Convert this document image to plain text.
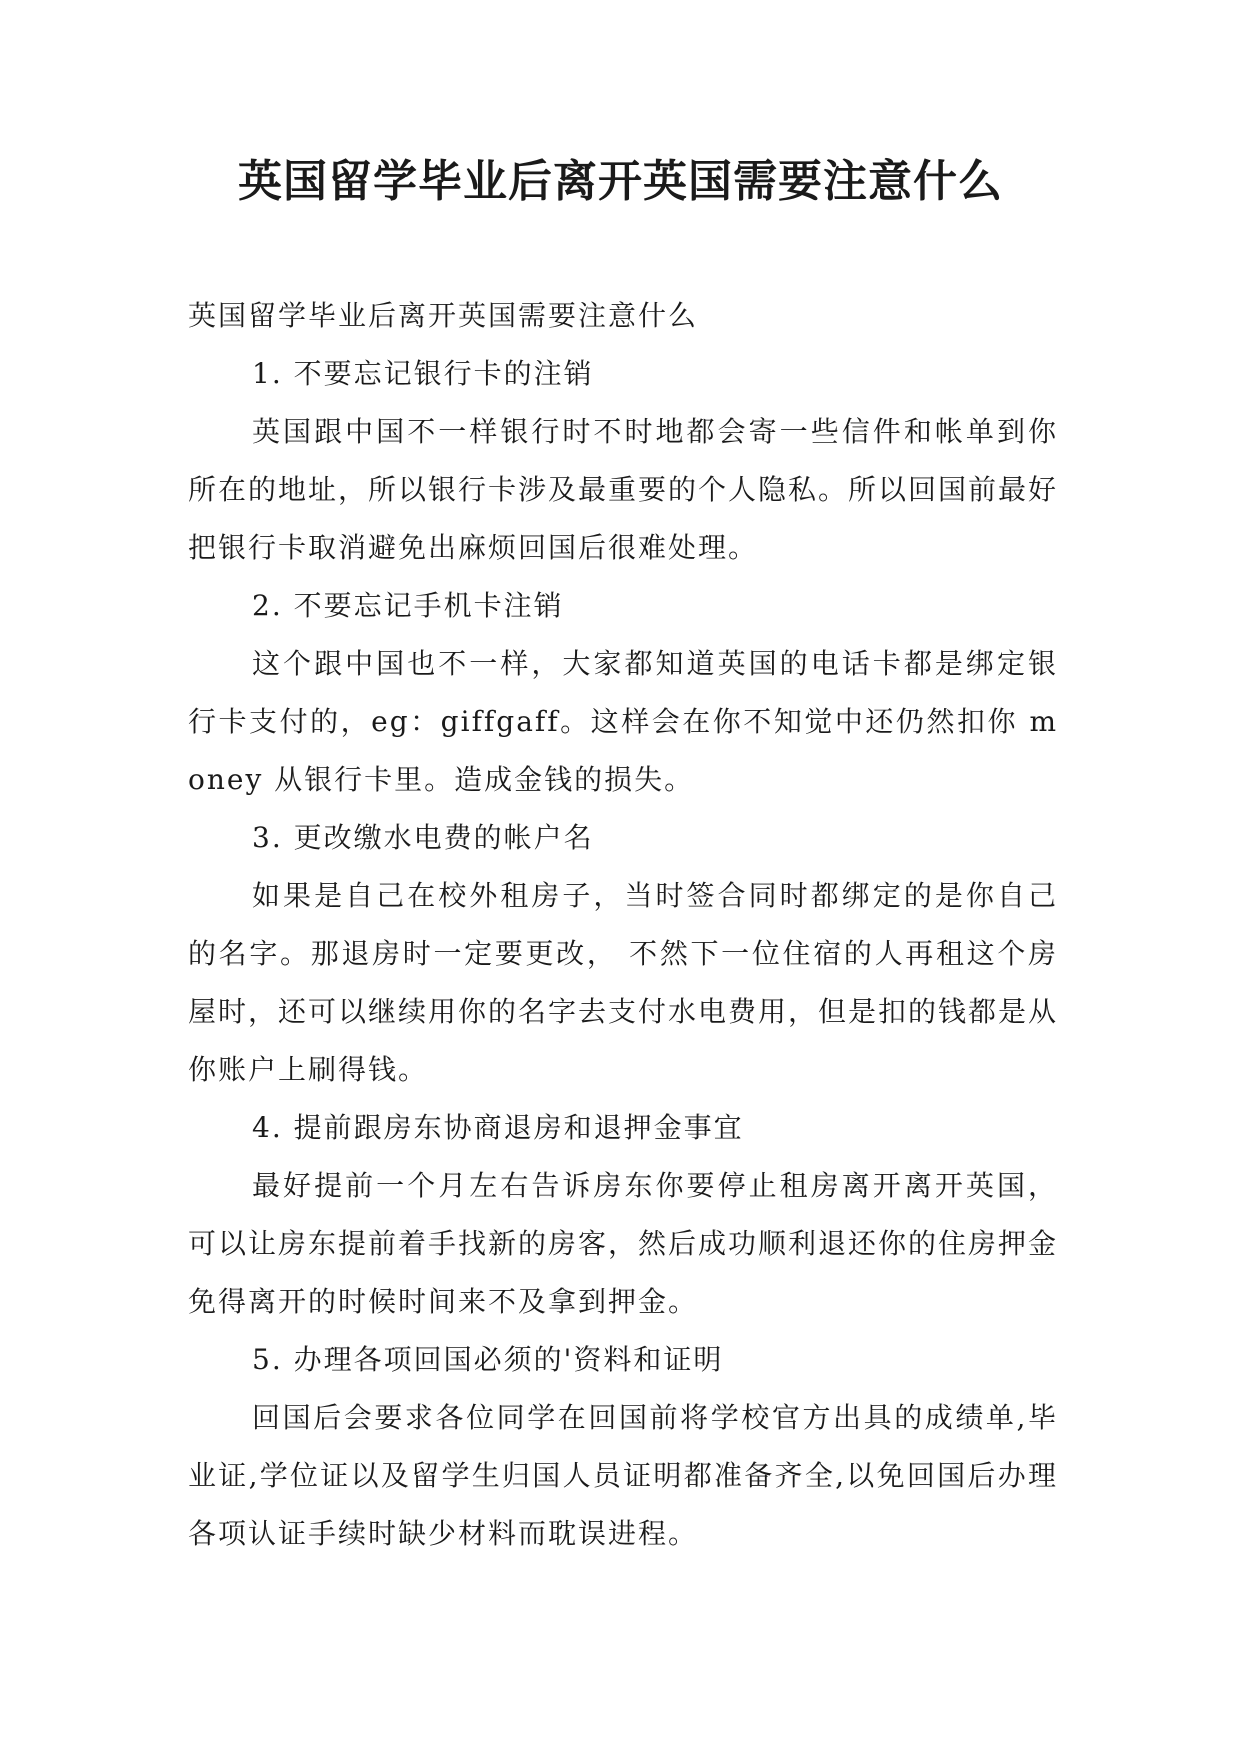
英国留学毕业后离开英国需要注意什么

英国留学毕业后离开英国需要注意什么

1. 不要忘记银行卡的注销

英国跟中国不一样银行时不时地都会寄一些信件和帐单到你所在的地址，所以银行卡涉及最重要的个人隐私。所以回国前最好把银行卡取消避免出麻烦回国后很难处理。

2. 不要忘记手机卡注销

这个跟中国也不一样，大家都知道英国的电话卡都是绑定银行卡支付的，eg：giffgaff。这样会在你不知觉中还仍然扣你 money 从银行卡里。造成金钱的损失。

3. 更改缴水电费的帐户名

如果是自己在校外租房子，当时签合同时都绑定的是你自己的名字。那退房时一定要更改， 不然下一位住宿的人再租这个房屋时，还可以继续用你的名字去支付水电费用，但是扣的钱都是从你账户上刷得钱。

4. 提前跟房东协商退房和退押金事宜

最好提前一个月左右告诉房东你要停止租房离开离开英国，可以让房东提前着手找新的房客，然后成功顺利退还你的住房押金免得离开的时候时间来不及拿到押金。

5. 办理各项回国必须的'资料和证明

回国后会要求各位同学在回国前将学校官方出具的成绩单,毕业证,学位证以及留学生归国人员证明都准备齐全,以免回国后办理各项认证手续时缺少材料而耽误进程。
